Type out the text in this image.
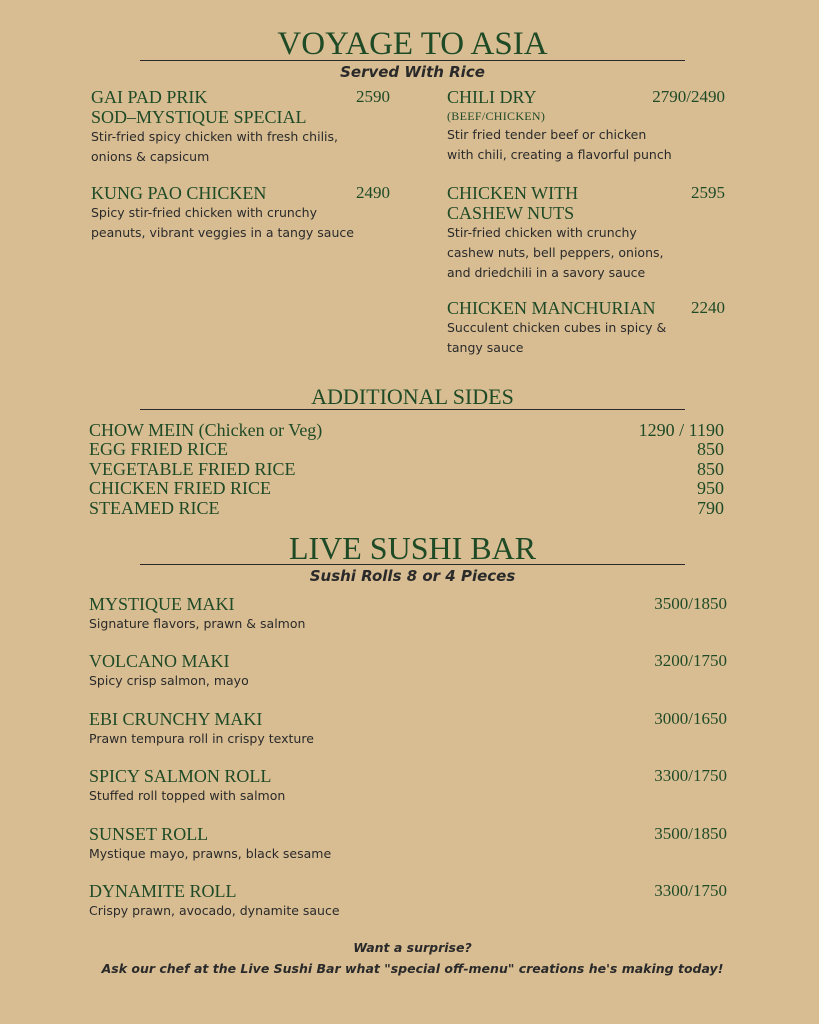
VOYAGE TO ASIA
Served With Rice
GAI PAD PRIK
SOD–MYSTIQUE SPECIAL
Stir-fried spicy chicken with fresh chilis,
onions & capsicum
2590
KUNG PAO CHICKEN
Spicy stir-fried chicken with crunchy
peanuts, vibrant veggies in a tangy sauce
2490
CHILI DRY
(BEEF/CHICKEN)
Stir fried tender beef or chicken
with chili, creating a flavorful punch
2790/2490
CHICKEN WITH
CASHEW NUTS
Stir-fried chicken with crunchy
cashew nuts, bell peppers, onions,
and driedchili in a savory sauce
2595
CHICKEN MANCHURIAN
Succulent chicken cubes in spicy &
tangy sauce
2240
ADDITIONAL SIDES
CHOW MEIN (Chicken or Veg)	1290 / 1190
EGG FRIED RICE	850
VEGETABLE FRIED RICE	850
CHICKEN FRIED RICE	950
STEAMED RICE	790
LIVE SUSHI BAR
Sushi Rolls 8 or 4 Pieces
MYSTIQUE MAKI
Signature flavors, prawn & salmon
3500/1850
VOLCANO MAKI
Spicy crisp salmon, mayo
3200/1750
EBI CRUNCHY MAKI
Prawn tempura roll in crispy texture
3000/1650
SPICY SALMON ROLL
Stuffed roll topped with salmon
3300/1750
SUNSET ROLL
Mystique mayo, prawns, black sesame
3500/1850
DYNAMITE ROLL
Crispy prawn, avocado, dynamite sauce
3300/1750
Want a surprise?
Ask our chef at the Live Sushi Bar what "special off-menu" creations he's making today!
